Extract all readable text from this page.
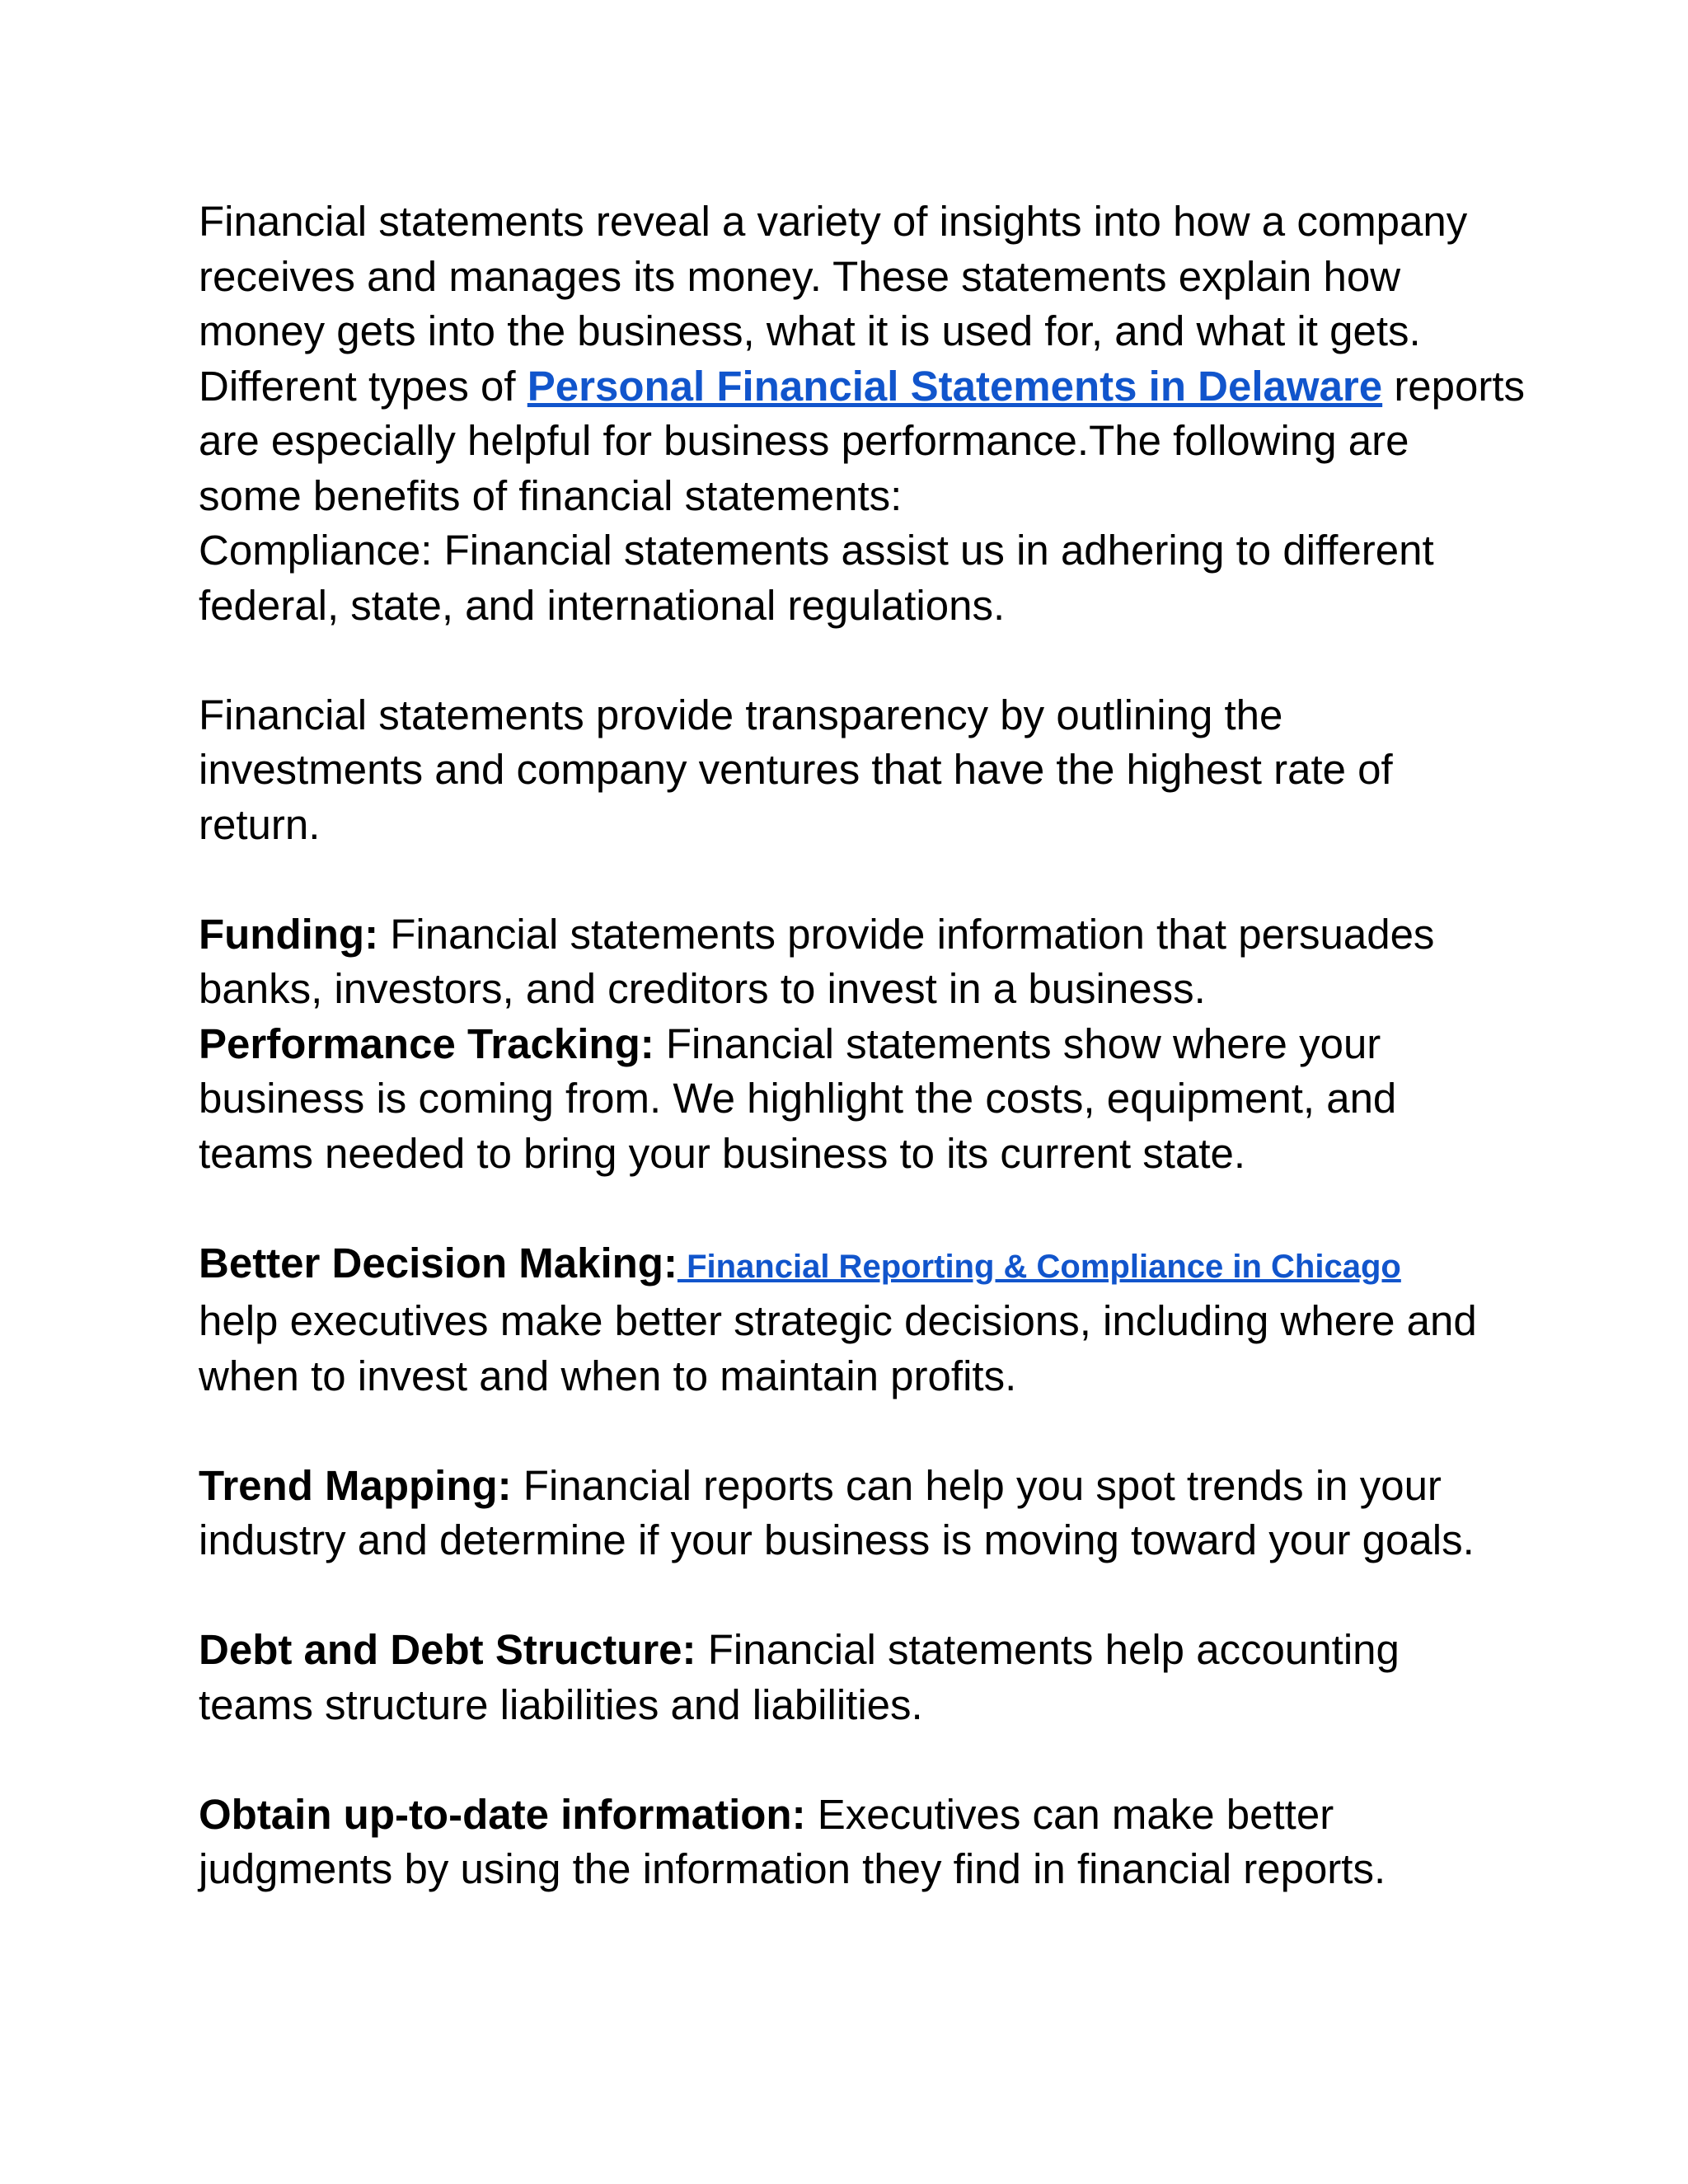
Financial statements reveal a variety of insights into how a company
receives and manages its money. These statements explain how
money gets into the business, what it is used for, and what it gets.
Different types of Personal Financial Statements in Delaware reports
are especially helpful for business performance.The following are
some benefits of financial statements:
Compliance: Financial statements assist us in adhering to different
federal, state, and international regulations.
Financial statements provide transparency by outlining the
investments and company ventures that have the highest rate of
return.
Funding: Financial statements provide information that persuades
banks, investors, and creditors to invest in a business.
Performance Tracking: Financial statements show where your
business is coming from. We highlight the costs, equipment, and
teams needed to bring your business to its current state.
Better Decision Making: Financial Reporting & Compliance in Chicago
help executives make better strategic decisions, including where and
when to invest and when to maintain profits.
Trend Mapping: Financial reports can help you spot trends in your
industry and determine if your business is moving toward your goals.
Debt and Debt Structure: Financial statements help accounting
teams structure liabilities and liabilities.
Obtain up-to-date information: Executives can make better
judgments by using the information they find in financial reports.
